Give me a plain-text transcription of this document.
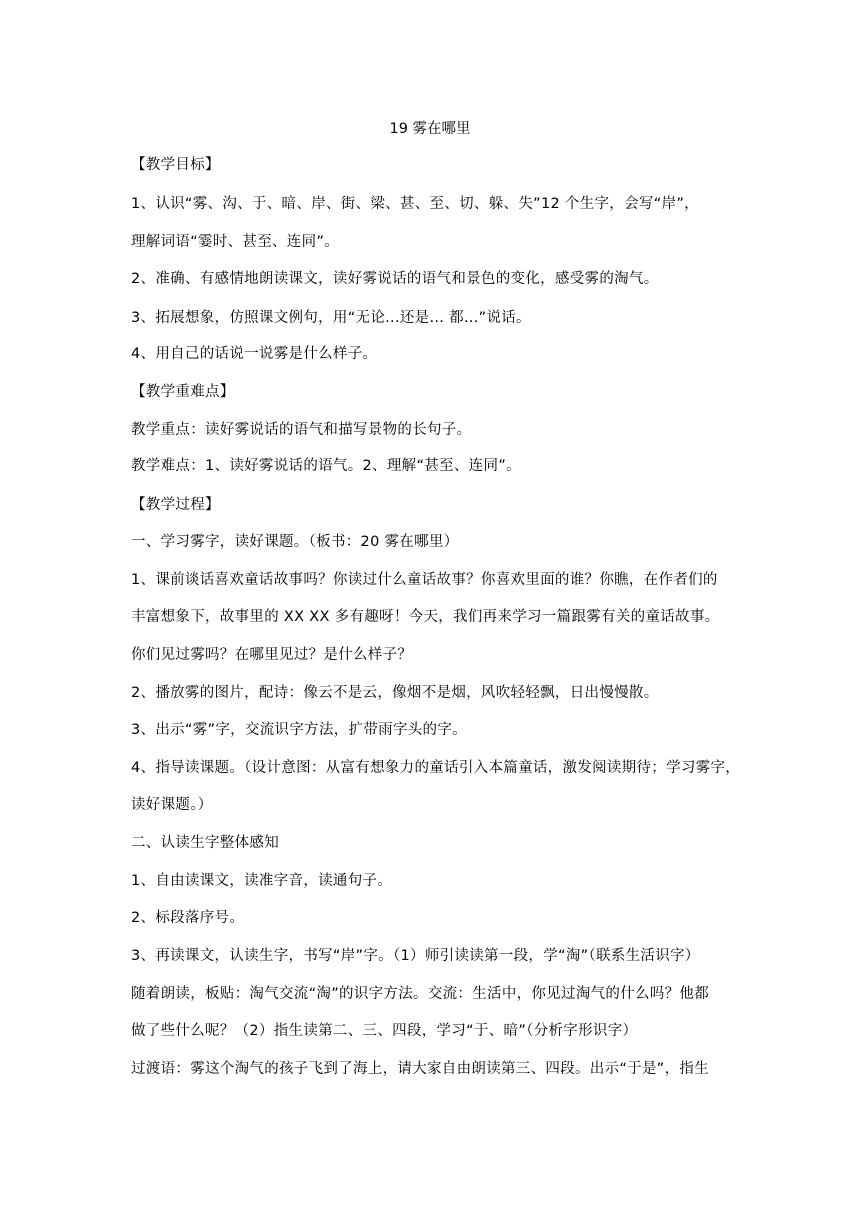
19 雾在哪里
【教学目标】
1、认识“雾、沟、于、暗、岸、街、梁、甚、至、切、躲、失”12 个生字，会写“岸”，
理解词语“霎时、甚至、连同”。
2、准确、有感情地朗读课文，读好雾说话的语气和景色的变化，感受雾的淘气。
3、拓展想象，仿照课文例句，用“无论...还是... 都...”说话。
4、用自己的话说一说雾是什么样子。
【教学重难点】
教学重点：读好雾说话的语气和描写景物的长句子。
教学难点：1、读好雾说话的语气。2、理解“甚至、连同”。
【教学过程】
一、学习雾字，读好课题。（板书：20 雾在哪里）
1、课前谈话喜欢童话故事吗？你读过什么童话故事？你喜欢里面的谁？你瞧，在作者们的
丰富想象下，故事里的 XX XX 多有趣呀！今天，我们再来学习一篇跟雾有关的童话故事。
你们见过雾吗？在哪里见过？是什么样子？
2、播放雾的图片，配诗：像云不是云，像烟不是烟，风吹轻轻飘，日出慢慢散。
3、出示“雾”字，交流识字方法，扩带雨字头的字。
4、指导读课题。（设计意图：从富有想象力的童话引入本篇童话，激发阅读期待；学习雾字，
读好课题。）
二、认读生字整体感知
1、自由读课文，读准字音，读通句子。
2、标段落序号。
3、再读课文，认读生字，书写“岸”字。（1）师引读读第一段，学“淘”（联系生活识字）
随着朗读，板贴：淘气交流“淘”的识字方法。交流：生活中，你见过淘气的什么吗？他都
做了些什么呢？（2）指生读第二、三、四段，学习“于、暗”（分析字形识字）
过渡语：雾这个淘气的孩子飞到了海上，请大家自由朗读第三、四段。出示“于是”，指生
